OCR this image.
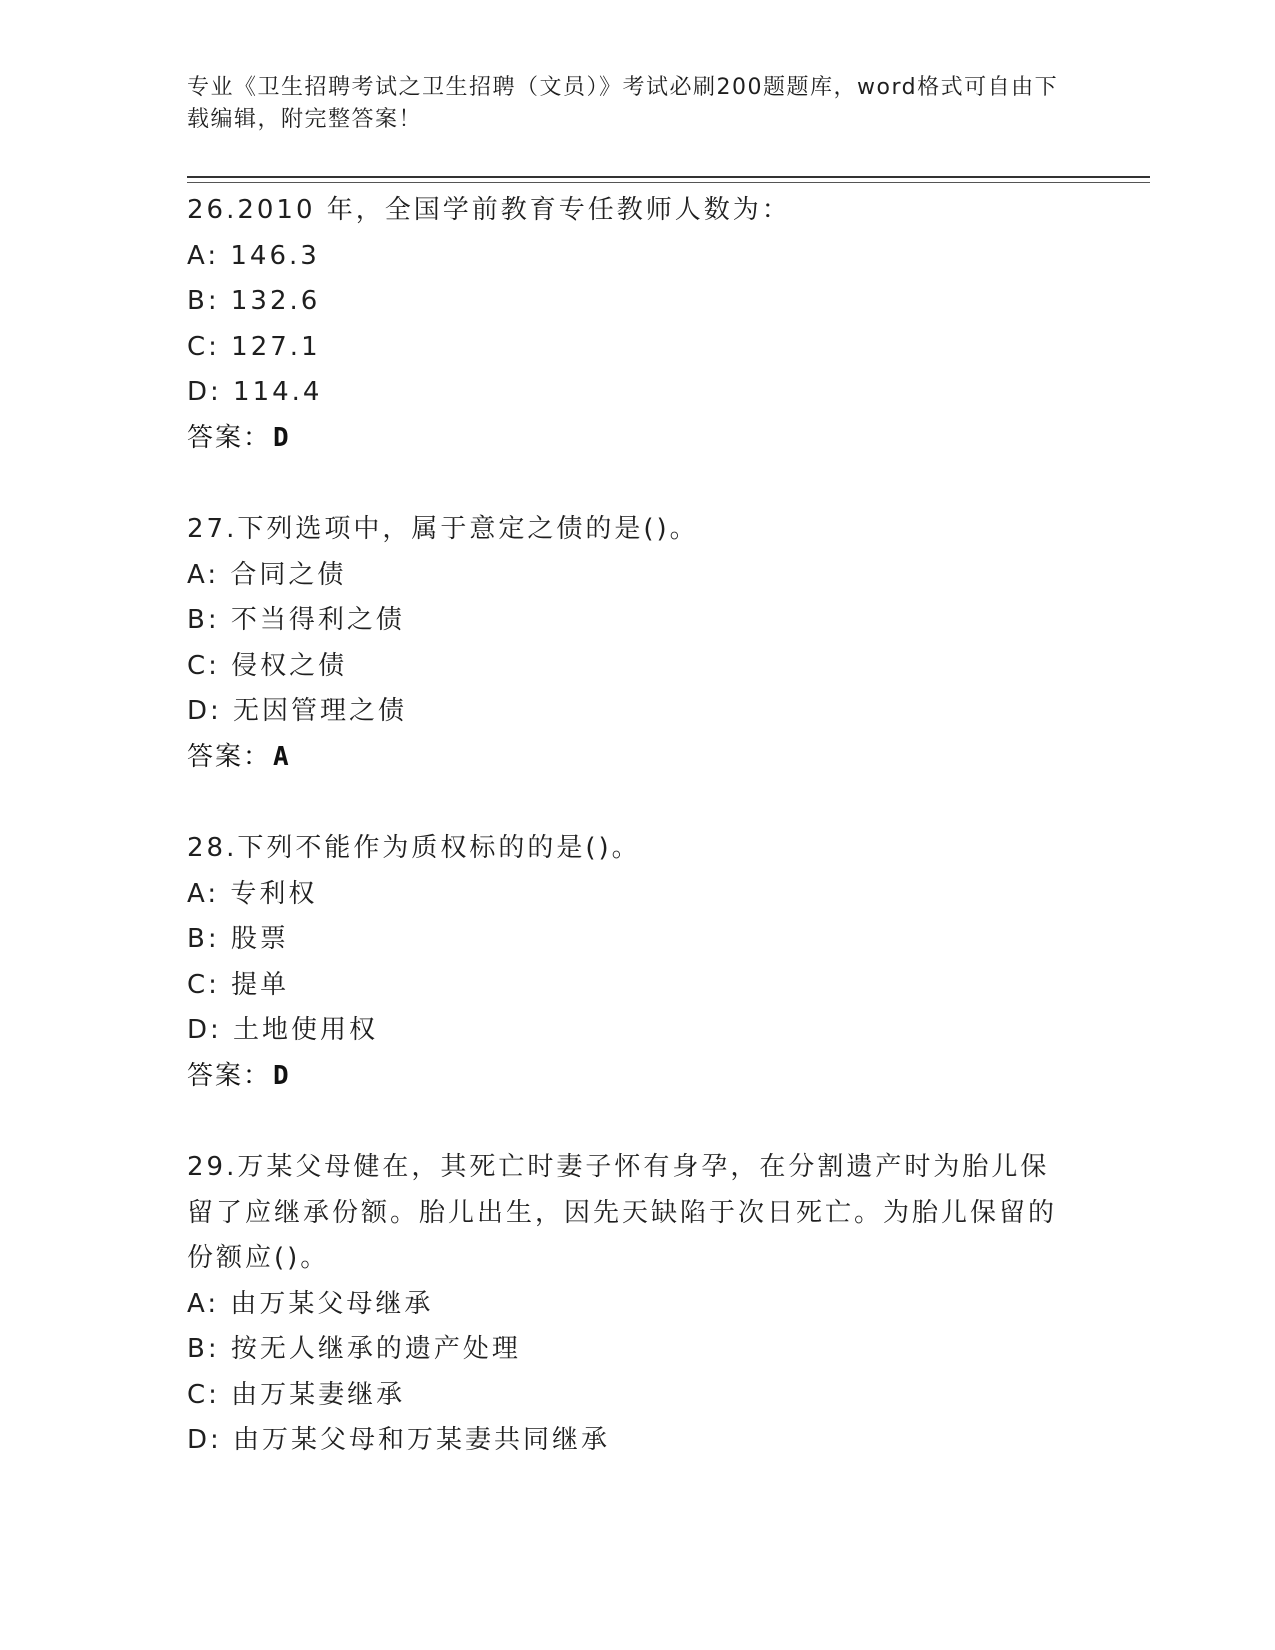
专业《卫生招聘考试之卫生招聘（文员）》考试必刷200题题库，word格式可自由下载编辑，附完整答案！
26.2010 年，全国学前教育专任教师人数为：
A: 146.3
B: 132.6
C: 127.1
D: 114.4
答案：D
27.下列选项中，属于意定之债的是()。
A: 合同之债
B: 不当得利之债
C: 侵权之债
D: 无因管理之债
答案：A
28.下列不能作为质权标的的是()。
A: 专利权
B: 股票
C: 提单
D: 土地使用权
答案：D
29.万某父母健在，其死亡时妻子怀有身孕，在分割遗产时为胎儿保留了应继承份额。胎儿出生，因先天缺陷于次日死亡。为胎儿保留的份额应()。
A: 由万某父母继承
B: 按无人继承的遗产处理
C: 由万某妻继承
D: 由万某父母和万某妻共同继承
